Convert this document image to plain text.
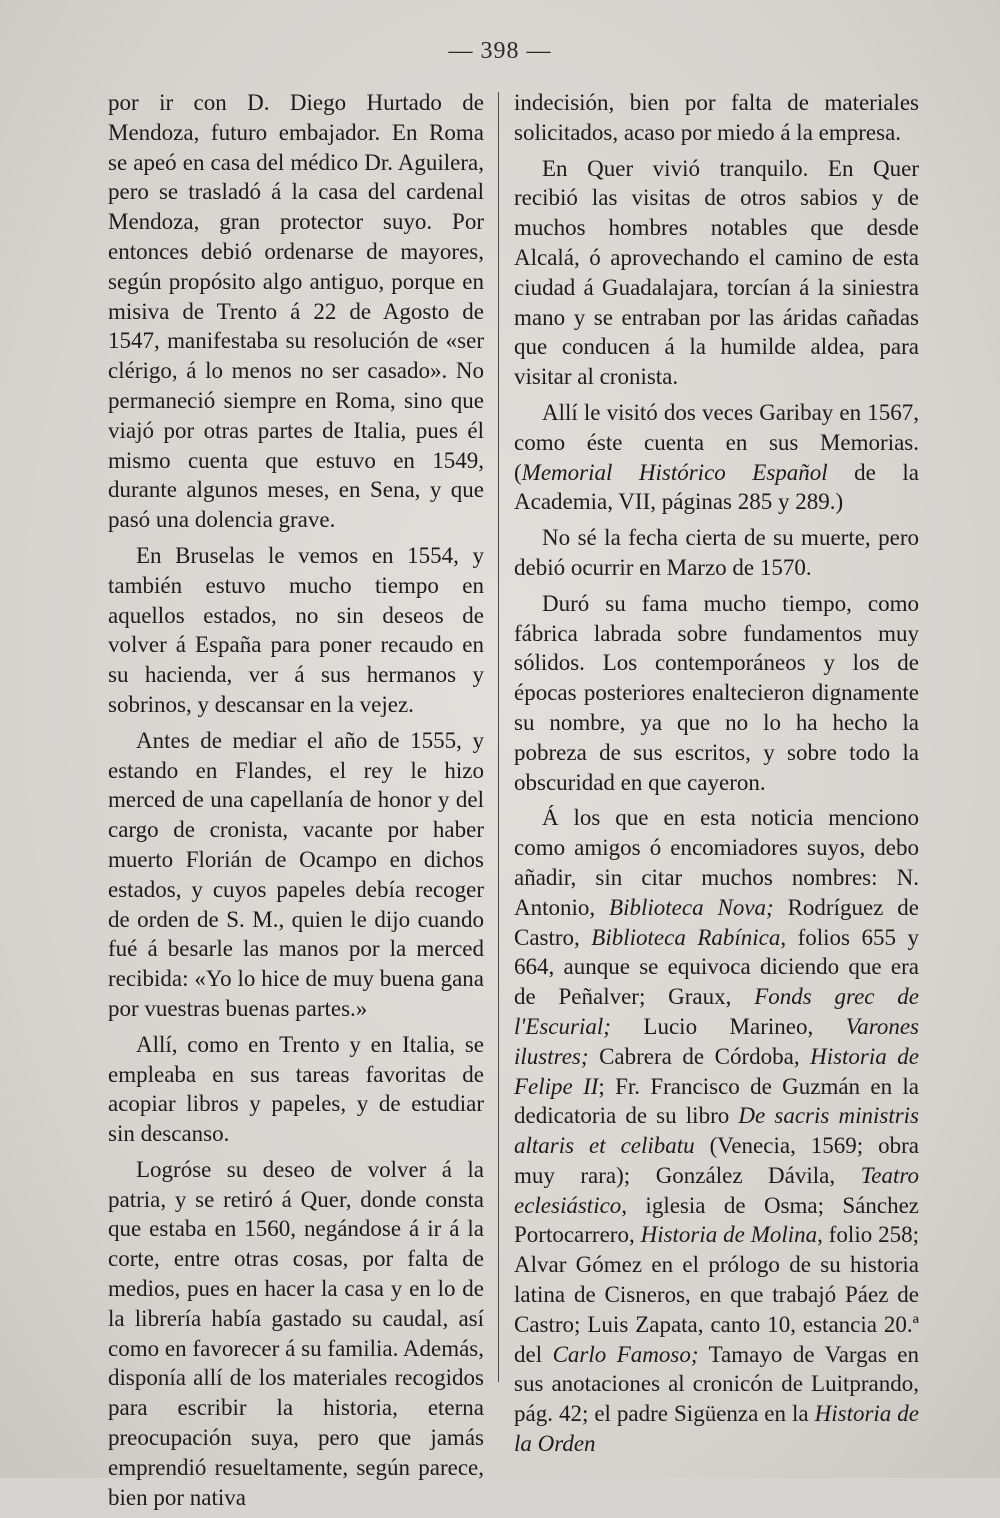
— 398 —

por ir con D. Diego Hurtado de Mendoza, futuro embajador. En Roma se apeó en casa del médico Dr. Aguilera, pero se trasladó á la casa del cardenal Mendoza, gran protector suyo. Por entonces debió ordenarse de mayores, según propósito algo antiguo, porque en misiva de Trento á 22 de Agosto de 1547, manifestaba su resolución de «ser clérigo, á lo menos no ser casado». No permaneció siempre en Roma, sino que viajó por otras partes de Italia, pues él mismo cuenta que estuvo en 1549, durante algunos meses, en Sena, y que pasó una dolencia grave.

En Bruselas le vemos en 1554, y también estuvo mucho tiempo en aquellos estados, no sin deseos de volver á España para poner recaudo en su hacienda, ver á sus hermanos y sobrinos, y descansar en la vejez.

Antes de mediar el año de 1555, y estando en Flandes, el rey le hizo merced de una capellanía de honor y del cargo de cronista, vacante por haber muerto Florián de Ocampo en dichos estados, y cuyos papeles debía recoger de orden de S. M., quien le dijo cuando fué á besarle las manos por la merced recibida: «Yo lo hice de muy buena gana por vuestras buenas partes.»

Allí, como en Trento y en Italia, se empleaba en sus tareas favoritas de acopiar libros y papeles, y de estudiar sin descanso.

Logróse su deseo de volver á la patria, y se retiró á Quer, donde consta que estaba en 1560, negándose á ir á la corte, entre otras cosas, por falta de medios, pues en hacer la casa y en lo de la librería había gastado su caudal, así como en favorecer á su familia. Además, disponía allí de los materiales recogidos para escribir la historia, eterna preocupación suya, pero que jamás emprendió resueltamente, según parece, bien por nativa

indecisión, bien por falta de materiales solicitados, acaso por miedo á la empresa.

En Quer vivió tranquilo. En Quer recibió las visitas de otros sabios y de muchos hombres notables que desde Alcalá, ó aprovechando el camino de esta ciudad á Guadalajara, torcían á la siniestra mano y se entraban por las áridas cañadas que conducen á la humilde aldea, para visitar al cronista.

Allí le visitó dos veces Garibay en 1567, como éste cuenta en sus Memorias. (Memorial Histórico Español de la Academia, VII, páginas 285 y 289.)

No sé la fecha cierta de su muerte, pero debió ocurrir en Marzo de 1570.

Duró su fama mucho tiempo, como fábrica labrada sobre fundamentos muy sólidos. Los contemporáneos y los de épocas posteriores enaltecieron dignamente su nombre, ya que no lo ha hecho la pobreza de sus escritos, y sobre todo la obscuridad en que cayeron.

Á los que en esta noticia menciono como amigos ó encomiadores suyos, debo añadir, sin citar muchos nombres: N. Antonio, Biblioteca Nova; Rodríguez de Castro, Biblioteca Rabínica, folios 655 y 664, aunque se equivoca diciendo que era de Peñalver; Graux, Fonds grec de l'Escurial; Lucio Marineo, Varones ilustres; Cabrera de Córdoba, Historia de Felipe II; Fr. Francisco de Guzmán en la dedicatoria de su libro De sacris ministris altaris et celibatu (Venecia, 1569; obra muy rara); González Dávila, Teatro eclesiástico, iglesia de Osma; Sánchez Portocarrero, Historia de Molina, folio 258; Alvar Gómez en el prólogo de su historia latina de Cisneros, en que trabajó Páez de Castro; Luis Zapata, canto 10, estancia 20.ª del Carlo Famoso; Tamayo de Vargas en sus anotaciones al cronicón de Luitprando, pág. 42; el padre Sigüenza en la Historia de la Orden
